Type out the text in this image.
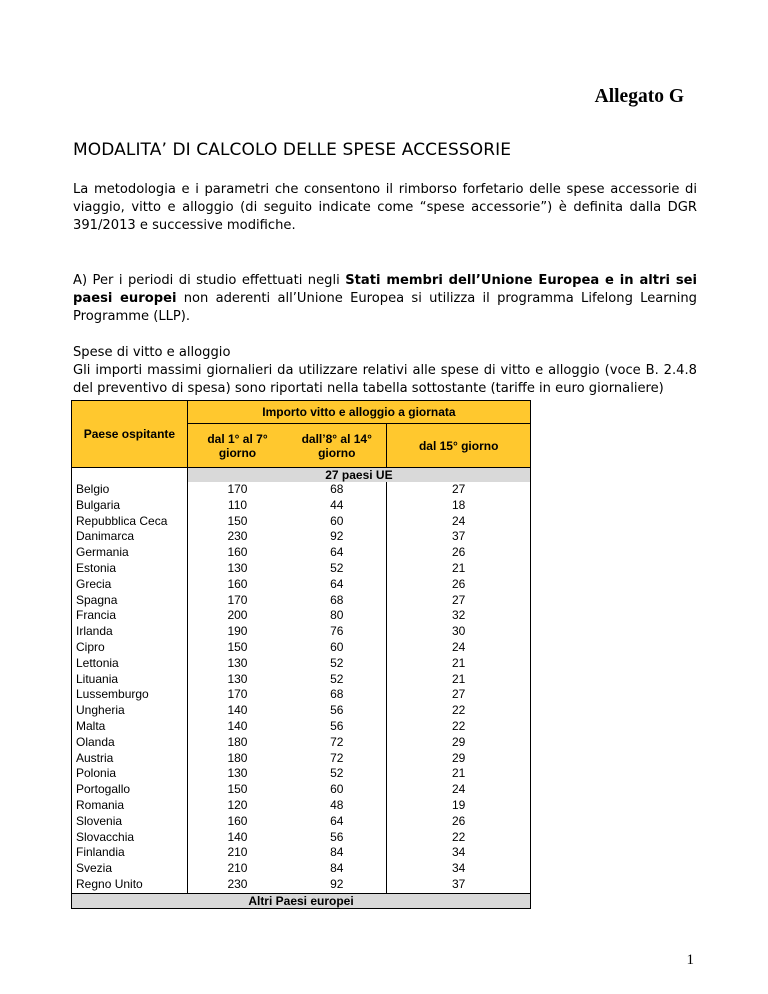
Allegato G
MODALITA’ DI CALCOLO DELLE SPESE ACCESSORIE

La metodologia e i parametri che consentono il rimborso forfetario delle spese accessorie di viaggio, vitto e alloggio (di seguito indicate come “spese accessorie”) è definita dalla DGR 391/2013 e successive modifiche.

A) Per i periodi di studio effettuati negli Stati membri dell’Unione Europea e in altri sei paesi europei non aderenti all’Unione Europea si utilizza il programma Lifelong Learning Programme (LLP).

Spese di vitto e alloggio
Gli importi massimi giornalieri da utilizzare relativi alle spese di vitto e alloggio (voce B. 2.4.8 del preventivo di spesa) sono riportati nella tabella sottostante (tariffe in euro giornaliere)
Paese ospitante	Importo vitto e alloggio a giornata		
	dal 1° al 7° giorno	dall’8° al 14° giorno	dal 15° giorno
	27 paesi UE		
Belgio	170	68	27
Bulgaria	110	44	18
Repubblica Ceca	150	60	24
Danimarca	230	92	37
Germania	160	64	26
Estonia	130	52	21
Grecia	160	64	26
Spagna	170	68	27
Francia	200	80	32
Irlanda	190	76	30
Cipro	150	60	24
Lettonia	130	52	21
Lituania	130	52	21
Lussemburgo	170	68	27
Ungheria	140	56	22
Malta	140	56	22
Olanda	180	72	29
Austria	180	72	29
Polonia	130	52	21
Portogallo	150	60	24
Romania	120	48	19
Slovenia	160	64	26
Slovacchia	140	56	22
Finlandia	210	84	34
Svezia	210	84	34
Regno Unito	230	92	37
Altri Paesi europei			
1
